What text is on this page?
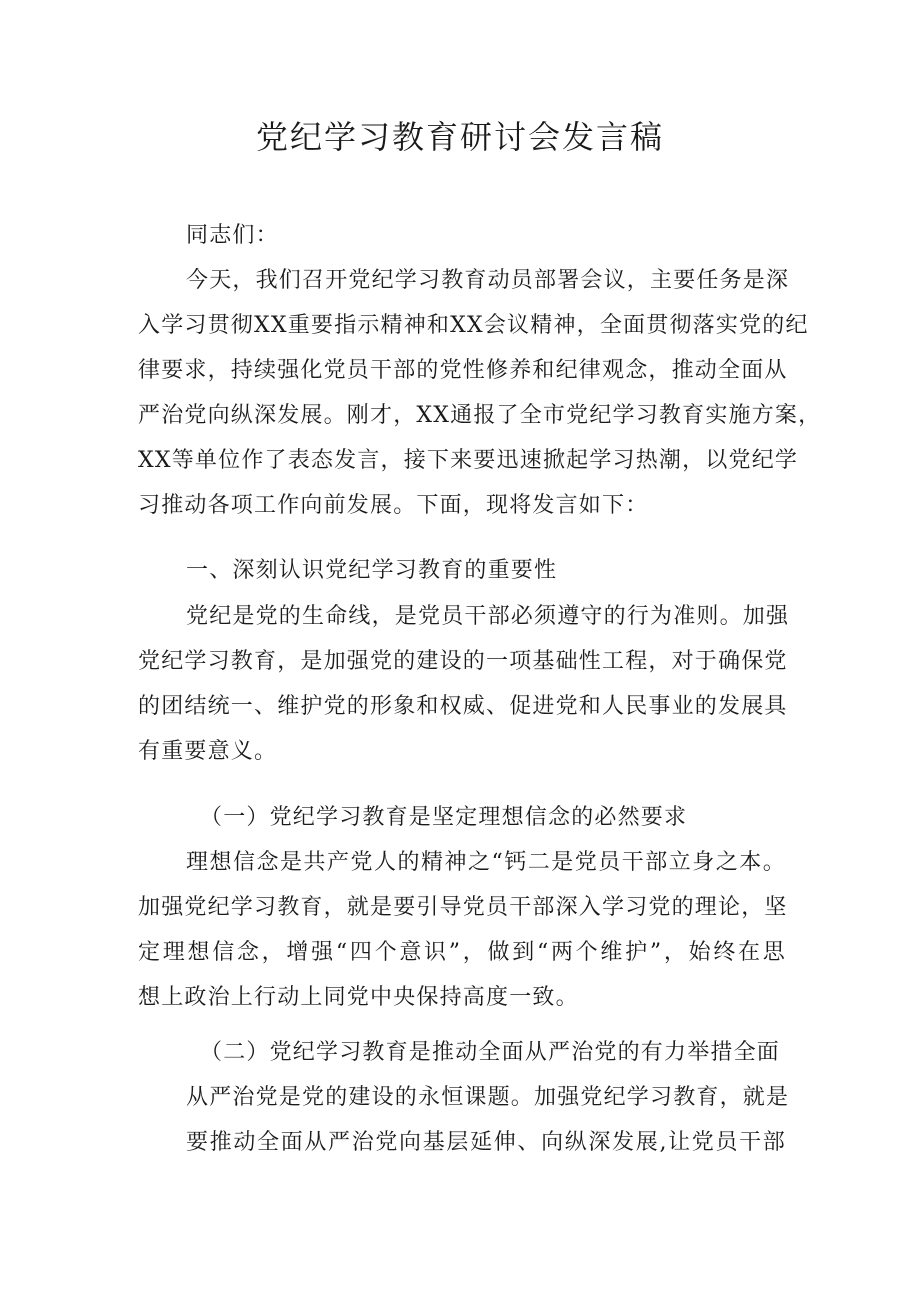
党纪学习教育研讨会发言稿
同志们：
今天，我们召开党纪学习教育动员部署会议，主要任务是深
入学习贯彻XX重要指示精神和XX会议精神，全面贯彻落实党的纪
律要求，持续强化党员干部的党性修养和纪律观念，推动全面从
严治党向纵深发展。刚才，XX通报了全市党纪学习教育实施方案，
XX等单位作了表态发言，接下来要迅速掀起学习热潮，以党纪学
习推动各项工作向前发展。下面，现将发言如下：
一、深刻认识党纪学习教育的重要性
党纪是党的生命线，是党员干部必须遵守的行为准则。加强
党纪学习教育，是加强党的建设的一项基础性工程，对于确保党
的团结统一、维护党的形象和权威、促进党和人民事业的发展具
有重要意义。
（一）党纪学习教育是坚定理想信念的必然要求
理想信念是共产党人的精神之“钙二是党员干部立身之本。
加强党纪学习教育，就是要引导党员干部深入学习党的理论，坚
定理想信念，增强“四个意识”，做到“两个维护”，始终在思
想上政治上行动上同党中央保持高度一致。
（二）党纪学习教育是推动全面从严治党的有力举措全面
从严治党是党的建设的永恒课题。加强党纪学习教育，就是
要推动全面从严治党向基层延伸、向纵深发展,让党员干部
